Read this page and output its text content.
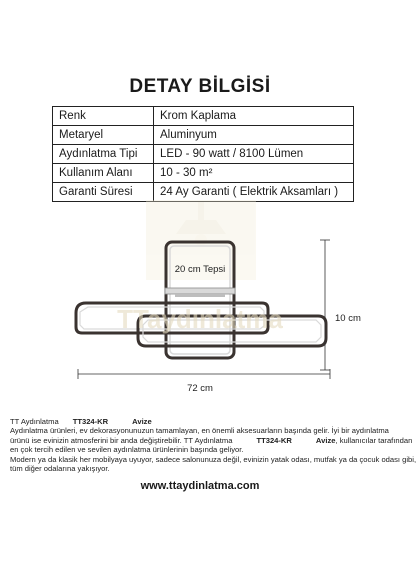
DETAY BİLGİSİ
Renk	Krom Kaplama
Metaryel	Aluminyum
Aydınlatma Tipi	LED - 90 watt / 8100 Lümen
Kullanım Alanı	10 - 30 m²
Garanti Süresi	24 Ay Garanti ( Elektrik Aksamları )
TTaydınlatma
20 cm Tepsi
10 cm
72 cm
TT Aydınlatma TT324-KR	Avize
Aydınlatma ürünleri, ev dekorasyonunuzun tamamlayan, en önemli aksesuarların başında gelir. İyi bir aydınlatma
ürünü ise evinizin atmosferini bir anda değiştirebilir. TT Aydınlatma	TT324-KR	Avize, kullanıcılar tarafından
en çok tercih edilen ve sevilen aydınlatma ürünlerinin başında geliyor.
Modern ya da klasik her mobilyaya uyuyor, sadece salonunuza değil, evinizin yatak odası, mutfak ya da çocuk odası gibi,
tüm diğer odalarına yakışıyor.
www.ttaydinlatma.com
